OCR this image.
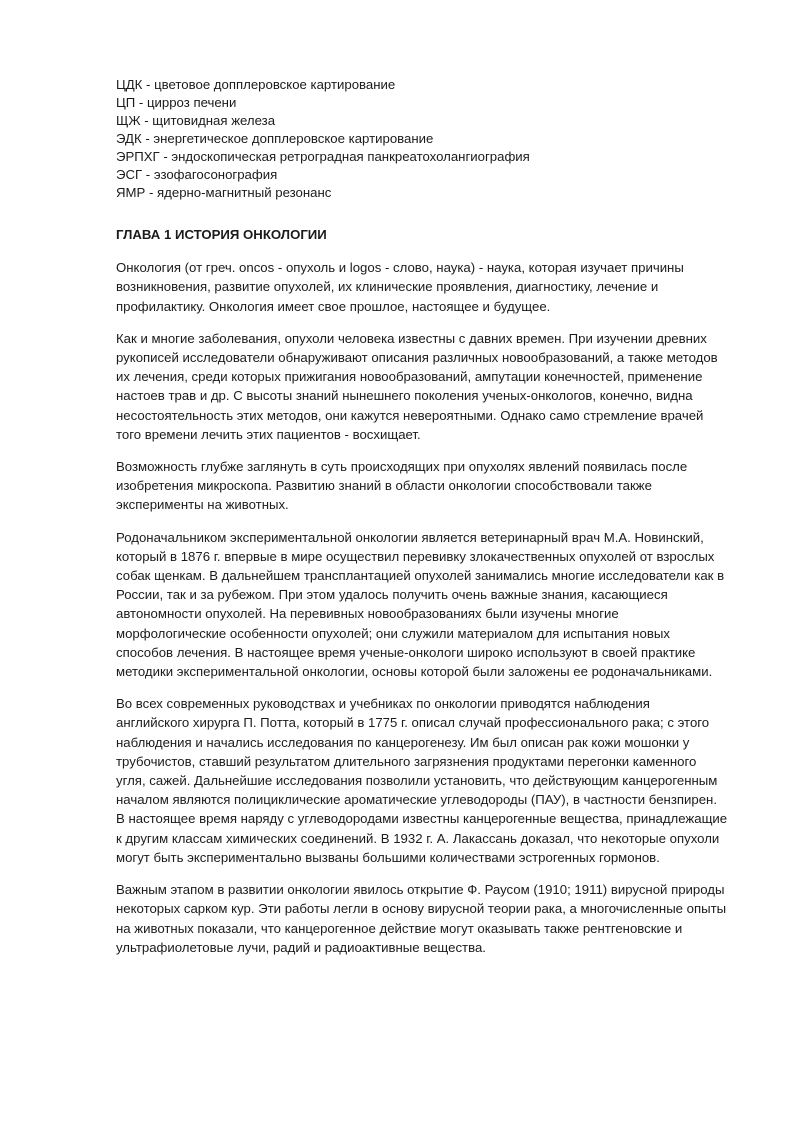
ЦДК - цветовое допплеровское картирование
ЦП - цирроз печени
ЩЖ - щитовидная железа
ЭДК - энергетическое допплеровское картирование
ЭРПХГ - эндоскопическая ретроградная панкреатохолангиография
ЭСГ - эзофагосонография
ЯМР - ядерно-магнитный резонанс
ГЛАВА 1 ИСТОРИЯ ОНКОЛОГИИ
Онкология (от греч. oncos - опухоль и logos - слово, наука) - наука, которая изучает причины
возникновения, развитие опухолей, их клинические проявления, диагностику, лечение и
профилактику. Онкология имеет свое прошлое, настоящее и будущее.
Как и многие заболевания, опухоли человека известны с давних времен. При изучении древних
рукописей исследователи обнаруживают описания различных новообразований, а также методов
их лечения, среди которых прижигания новообразований, ампутации конечностей, применение
настоев трав и др. С высоты знаний нынешнего поколения ученых-онкологов, конечно, видна
несостоятельность этих методов, они кажутся невероятными. Однако само стремление врачей
того времени лечить этих пациентов - восхищает.
Возможность глубже заглянуть в суть происходящих при опухолях явлений появилась после
изобретения микроскопа. Развитию знаний в области онкологии способствовали также
эксперименты на животных.
Родоначальником экспериментальной онкологии является ветеринарный врач М.А. Новинский,
который в 1876 г. впервые в мире осуществил перевивку злокачественных опухолей от взрослых
собак щенкам. В дальнейшем трансплантацией опухолей занимались многие исследователи как в
России, так и за рубежом. При этом удалось получить очень важные знания, касающиеся
автономности опухолей. На перевивных новообразованиях были изучены многие
морфологические особенности опухолей; они служили материалом для испытания новых
способов лечения. В настоящее время ученые-онкологи широко используют в своей практике
методики экспериментальной онкологии, основы которой были заложены ее родоначальниками.
Во всех современных руководствах и учебниках по онкологии приводятся наблюдения
английского хирурга П. Потта, который в 1775 г. описал случай профессионального рака; с этого
наблюдения и начались исследования по канцерогенезу. Им был описан рак кожи мошонки у
трубочистов, ставший результатом длительного загрязнения продуктами перегонки каменного
угля, сажей. Дальнейшие исследования позволили установить, что действующим канцерогенным
началом являются полициклические ароматические углеводороды (ПАУ), в частности бензпирен.
В настоящее время наряду с углеводородами известны канцерогенные вещества, принадлежащие
к другим классам химических соединений. В 1932 г. А. Лакассань доказал, что некоторые опухоли
могут быть экспериментально вызваны большими количествами эстрогенных гормонов.
Важным этапом в развитии онкологии явилось открытие Ф. Раусом (1910; 1911) вирусной природы
некоторых сарком кур. Эти работы легли в основу вирусной теории рака, а многочисленные опыты
на животных показали, что канцерогенное действие могут оказывать также рентгеновские и
ультрафиолетовые лучи, радий и радиоактивные вещества.
